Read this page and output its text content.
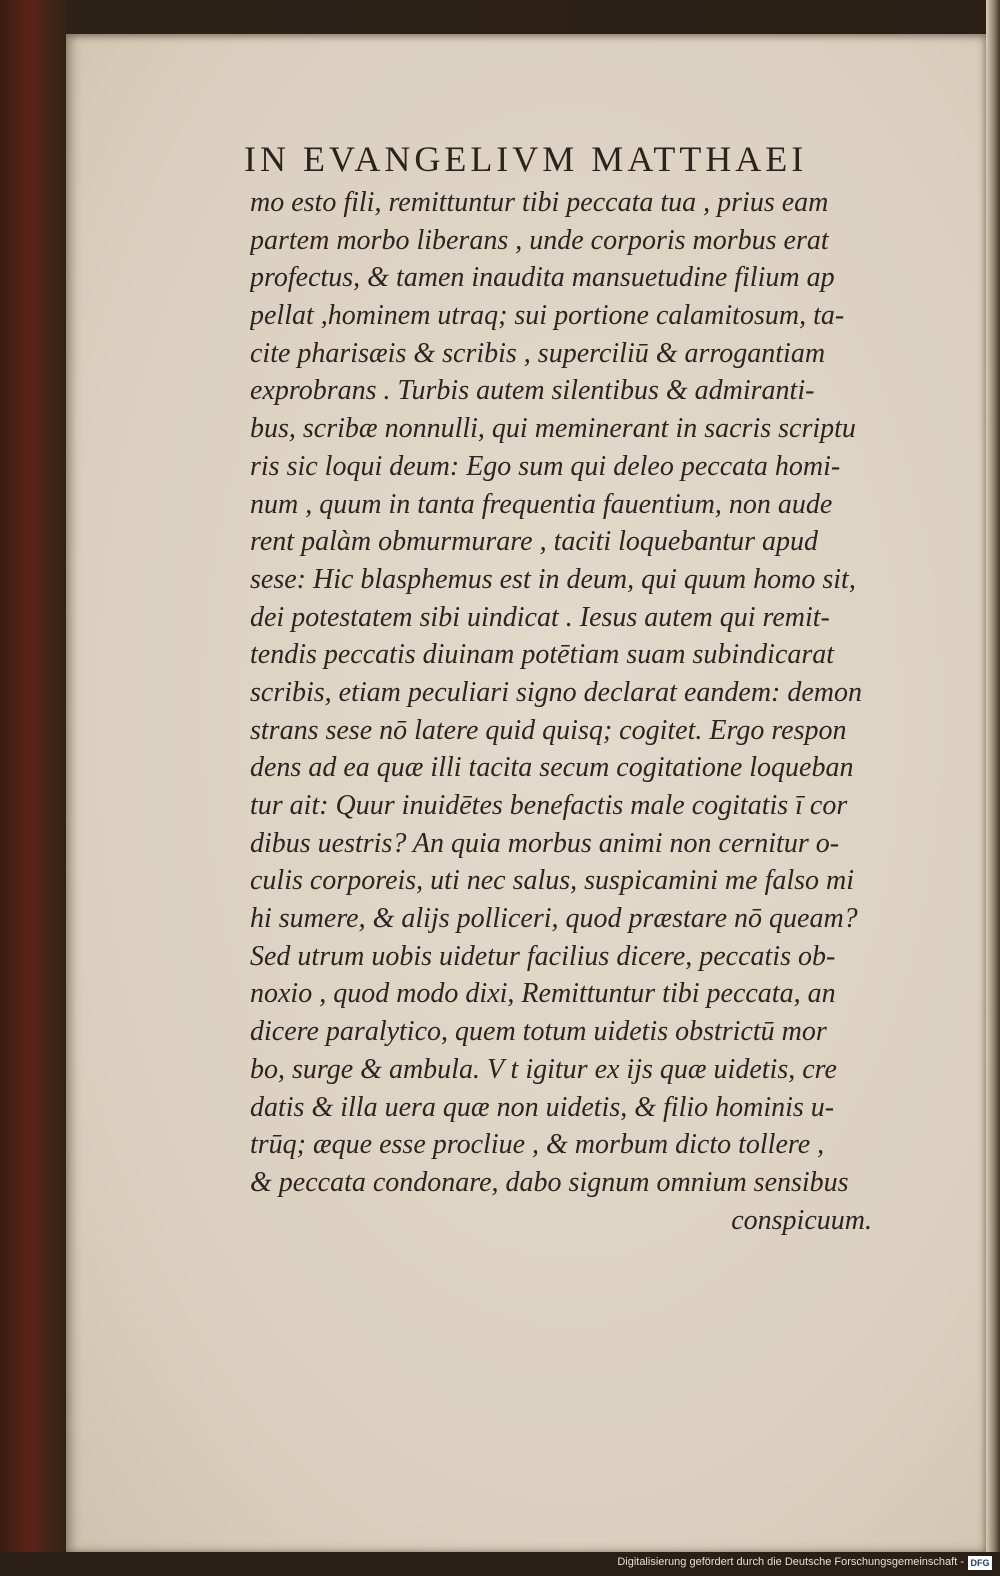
IN EVANGELIVM MATTHAEI
mo esto fili, remittuntur tibi peccata tua , prius eam
partem morbo liberans , unde corporis morbus erat
profectus, & tamen inaudita mansuetudine filium ap
pellat ,hominem utraq; sui portione calamitosum, ta-
cite pharisæis & scribis , superciliū & arrogantiam
exprobrans . Turbis autem silentibus & admiranti-
bus, scribæ nonnulli, qui meminerant in sacris scriptu
ris sic loqui deum: Ego sum qui deleo peccata homi-
num , quum in tanta frequentia fauentium, non aude
rent palàm obmurmurare , taciti loquebantur apud
sese: Hic blasphemus est in deum, qui quum homo sit,
dei potestatem sibi uindicat . Iesus autem qui remit-
tendis peccatis diuinam potētiam suam subindicarat
scribis, etiam peculiari signo declarat eandem: demon
strans sese nō latere quid quisq; cogitet. Ergo respon
dens ad ea quæ illi tacita secum cogitatione loqueban
tur ait: Quur inuidētes benefactis male cogitatis ī cor
dibus uestris? An quia morbus animi non cernitur o-
culis corporeis, uti nec salus, suspicamini me falso mi
hi sumere, & alijs polliceri, quod præstare nō queam?
Sed utrum uobis uidetur facilius dicere, peccatis ob-
noxio , quod modo dixi, Remittuntur tibi peccata, an
dicere paralytico, quem totum uidetis obstrictū mor
bo, surge & ambula. V t igitur ex ijs quæ uidetis, cre
datis & illa uera quæ non uidetis, & filio hominis u-
trūq; æque esse procliue , & morbum dicto tollere ,
& peccata condonare, dabo signum omnium sensibus
conspicuum.
Digitalisierung gefördert durch die Deutsche Forschungsgemeinschaft - DFG
